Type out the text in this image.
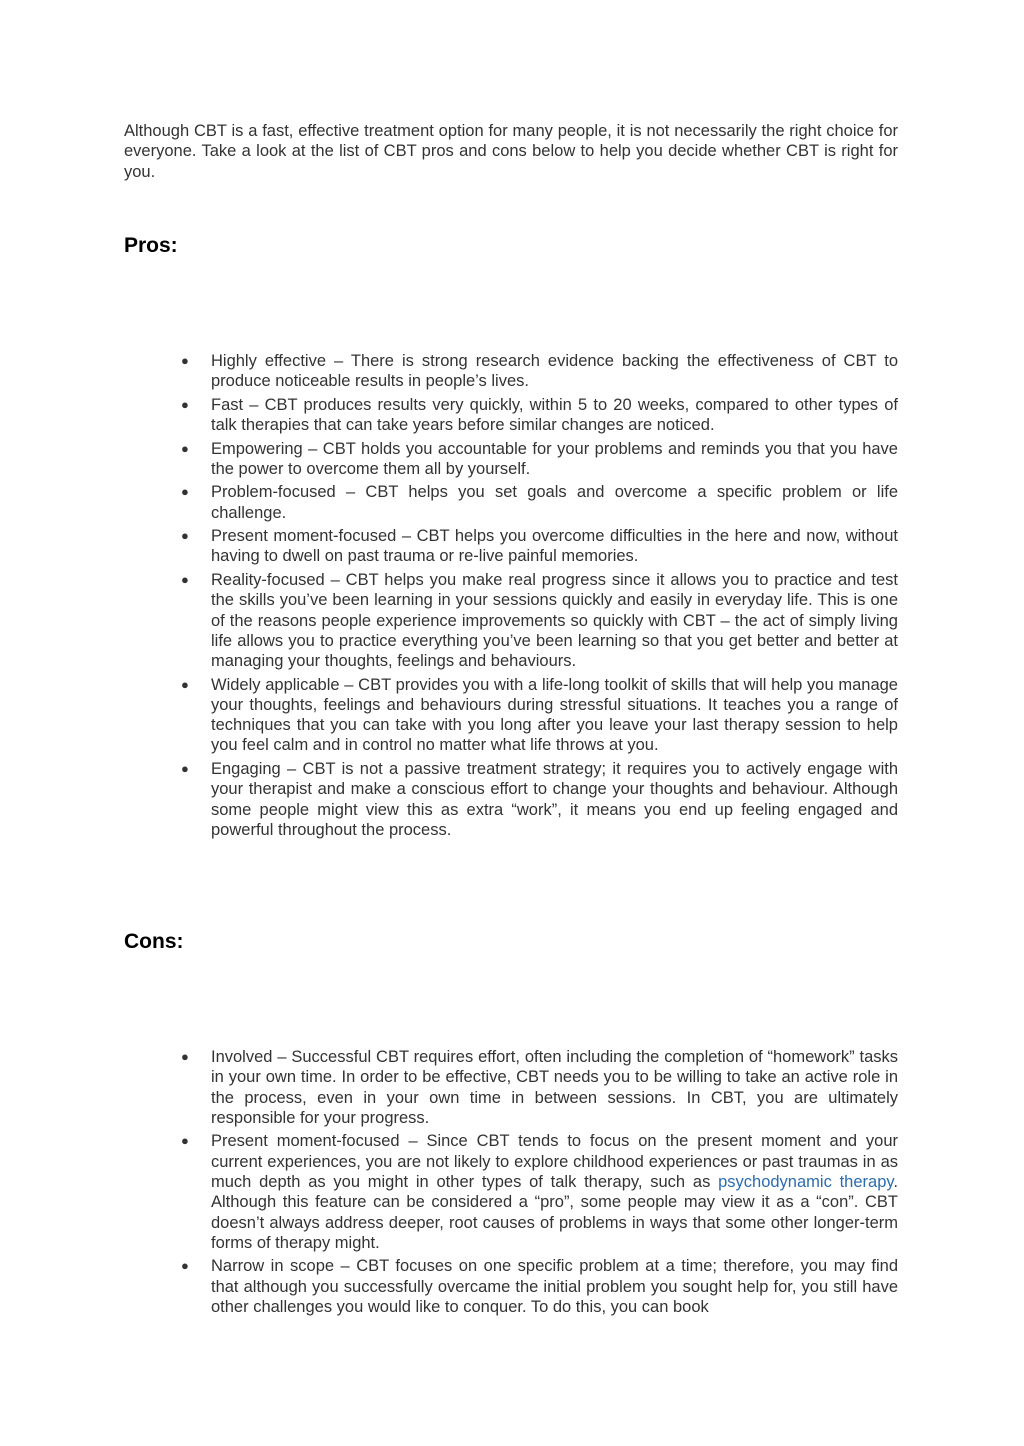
Although CBT is a fast, effective treatment option for many people, it is not necessarily the right choice for everyone. Take a look at the list of CBT pros and cons below to help you decide whether CBT is right for you.

Pros:
● Highly effective – There is strong research evidence backing the effectiveness of CBT to produce noticeable results in people’s lives.
● Fast – CBT produces results very quickly, within 5 to 20 weeks, compared to other types of talk therapies that can take years before similar changes are noticed.
● Empowering – CBT holds you accountable for your problems and reminds you that you have the power to overcome them all by yourself.
● Problem-focused – CBT helps you set goals and overcome a specific problem or life challenge.
● Present moment-focused – CBT helps you overcome difficulties in the here and now, without having to dwell on past trauma or re-live painful memories.
● Reality-focused – CBT helps you make real progress since it allows you to practice and test the skills you’ve been learning in your sessions quickly and easily in everyday life. This is one of the reasons people experience improvements so quickly with CBT – the act of simply living life allows you to practice everything you’ve been learning so that you get better and better at managing your thoughts, feelings and behaviours.
● Widely applicable – CBT provides you with a life-long toolkit of skills that will help you manage your thoughts, feelings and behaviours during stressful situations. It teaches you a range of techniques that you can take with you long after you leave your last therapy session to help you feel calm and in control no matter what life throws at you.
● Engaging – CBT is not a passive treatment strategy; it requires you to actively engage with your therapist and make a conscious effort to change your thoughts and behaviour. Although some people might view this as extra “work”, it means you end up feeling engaged and powerful throughout the process.
Cons:
● Involved – Successful CBT requires effort, often including the completion of “homework” tasks in your own time. In order to be effective, CBT needs you to be willing to take an active role in the process, even in your own time in between sessions. In CBT, you are ultimately responsible for your progress.
● Present moment-focused – Since CBT tends to focus on the present moment and your current experiences, you are not likely to explore childhood experiences or past traumas in as much depth as you might in other types of talk therapy, such as psychodynamic therapy. Although this feature can be considered a “pro”, some people may view it as a “con”. CBT doesn’t always address deeper, root causes of problems in ways that some other longer-term forms of therapy might.
● Narrow in scope – CBT focuses on one specific problem at a time; therefore, you may find that although you successfully overcame the initial problem you sought help for, you still have other challenges you would like to conquer. To do this, you can book
